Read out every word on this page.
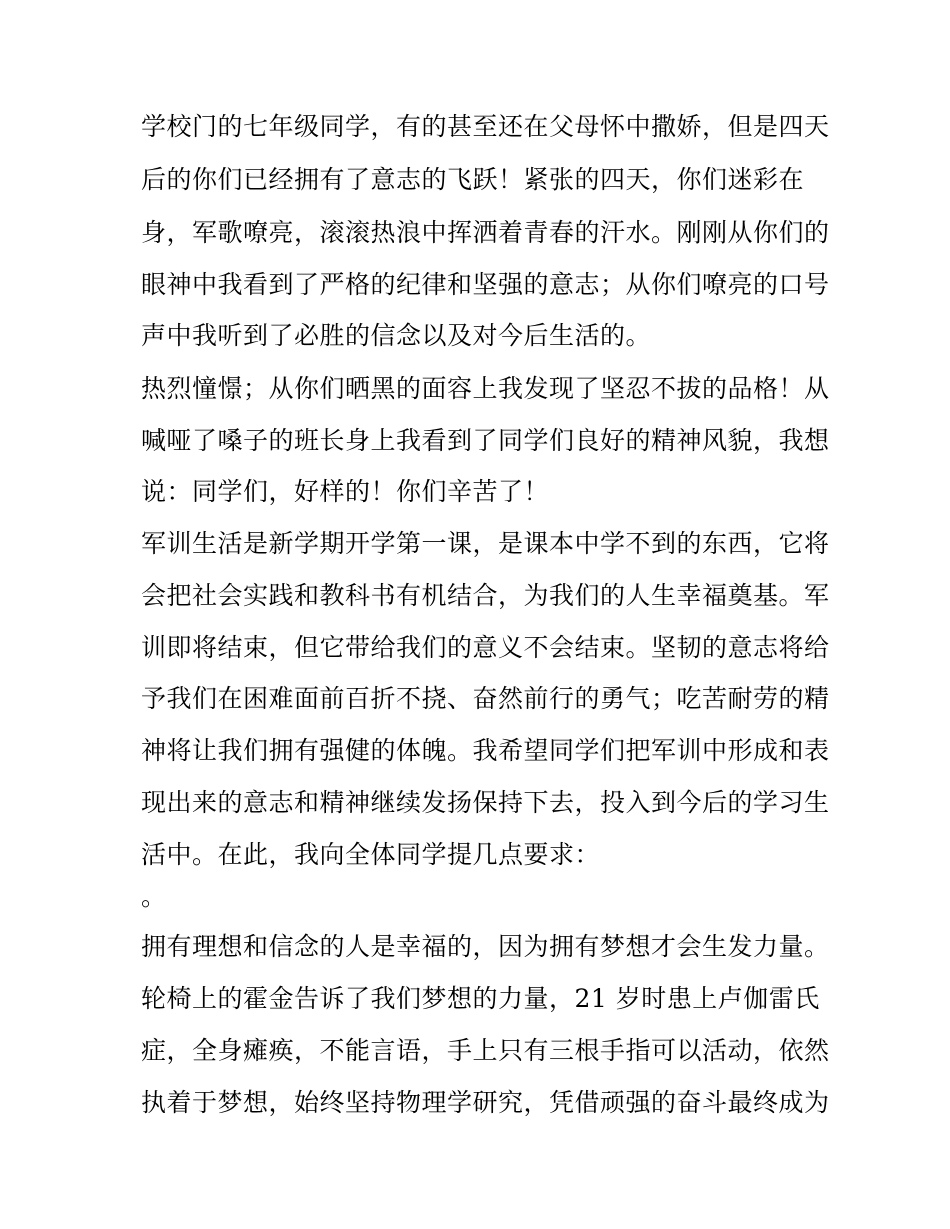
学校门的七年级同学，有的甚至还在父母怀中撒娇，但是四天
后的你们已经拥有了意志的飞跃！紧张的四天，你们迷彩在
身，军歌嘹亮，滚滚热浪中挥洒着青春的汗水。刚刚从你们的
眼神中我看到了严格的纪律和坚强的意志；从你们嘹亮的口号
声中我听到了必胜的信念以及对今后生活的。
热烈憧憬；从你们晒黑的面容上我发现了坚忍不拔的品格！从
喊哑了嗓子的班长身上我看到了同学们良好的精神风貌，我想
说：同学们，好样的！你们辛苦了！
军训生活是新学期开学第一课，是课本中学不到的东西，它将
会把社会实践和教科书有机结合，为我们的人生幸福奠基。军
训即将结束，但它带给我们的意义不会结束。坚韧的意志将给
予我们在困难面前百折不挠、奋然前行的勇气；吃苦耐劳的精
神将让我们拥有强健的体魄。我希望同学们把军训中形成和表
现出来的意志和精神继续发扬保持下去，投入到今后的学习生
活中。在此，我向全体同学提几点要求：
。
拥有理想和信念的人是幸福的，因为拥有梦想才会生发力量。
轮椅上的霍金告诉了我们梦想的力量，21 岁时患上卢伽雷氏
症，全身瘫痪，不能言语，手上只有三根手指可以活动，依然
执着于梦想，始终坚持物理学研究，凭借顽强的奋斗最终成为
